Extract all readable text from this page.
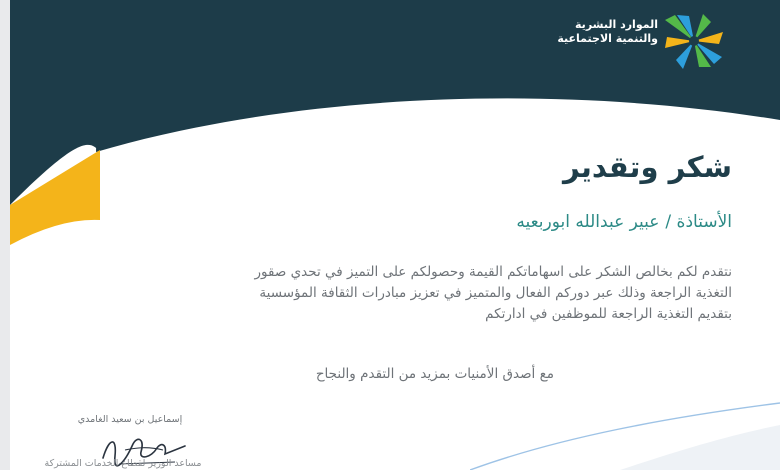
الموارد البشرية
والتنمية الاجتماعية
شكر وتقدير
الأستاذة /عبير عبدالله ابوربعيه
نتقدم لكم بخالص الشكر على اسهاماتكم القيمة وحصولكم على التميز في تحدي صقور التغذية الراجعة وذلك عبر دوركم الفعال والمتميز في تعزيز مبادرات الثقافة المؤسسية بتقديم التغذية الراجعة للموظفين في ادارتكم
مع أصدق الأمنيات بمزيد من التقدم والنجاح
إسماعيل بن سعيد الغامدي
مساعد الوزير لقطاع الخدمات المشتركة
